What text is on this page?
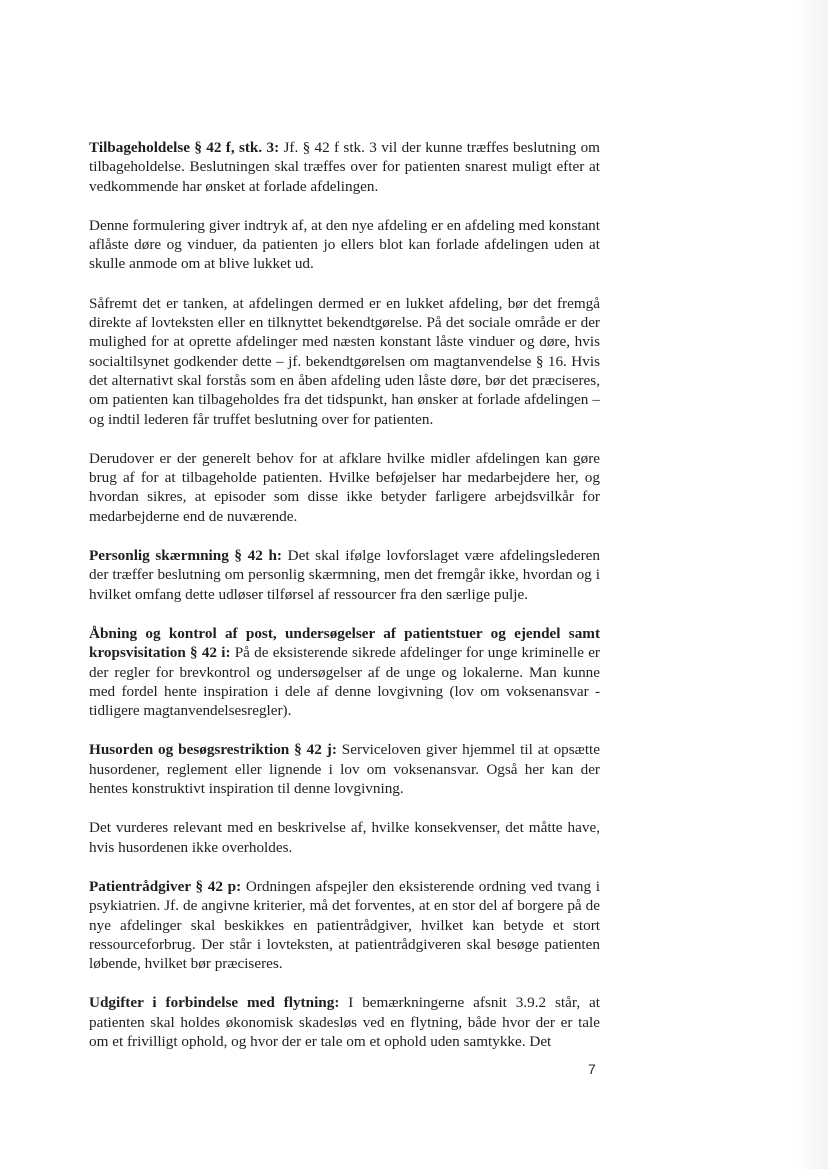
Tilbageholdelse § 42 f, stk. 3: Jf. § 42 f stk. 3 vil der kunne træffes beslutning om tilbageholdelse. Beslutningen skal træffes over for patienten snarest muligt efter at vedkommende har ønsket at forlade afdelingen.

Denne formulering giver indtryk af, at den nye afdeling er en afdeling med konstant aflåste døre og vinduer, da patienten jo ellers blot kan forlade afdelingen uden at skulle anmode om at blive lukket ud.

Såfremt det er tanken, at afdelingen dermed er en lukket afdeling, bør det fremgå direkte af lovteksten eller en tilknyttet bekendtgørelse. På det sociale område er der mulighed for at oprette afdelinger med næsten konstant låste vinduer og døre, hvis socialtilsynet godkender dette – jf. bekendtgørelsen om magtanvendelse § 16. Hvis det alternativt skal forstås som en åben afdeling uden låste døre, bør det præciseres, om patienten kan tilbageholdes fra det tidspunkt, han ønsker at forlade afdelingen – og indtil lederen får truffet beslutning over for patienten.

Derudover er der generelt behov for at afklare hvilke midler afdelingen kan gøre brug af for at tilbageholde patienten. Hvilke beføjelser har medarbejdere her, og hvordan sikres, at episoder som disse ikke betyder farligere arbejdsvilkår for medarbejderne end de nuværende.

Personlig skærmning § 42 h: Det skal ifølge lovforslaget være afdelingslederen der træffer beslutning om personlig skærmning, men det fremgår ikke, hvordan og i hvilket omfang dette udløser tilførsel af ressourcer fra den særlige pulje.

Åbning og kontrol af post, undersøgelser af patientstuer og ejendel samt kropsvisitation § 42 i: På de eksisterende sikrede afdelinger for unge kriminelle er der regler for brevkontrol og undersøgelser af de unge og lokalerne. Man kunne med fordel hente inspiration i dele af denne lovgivning (lov om voksenansvar - tidligere magtanvendelsesregler).

Husorden og besøgsrestriktion § 42 j: Serviceloven giver hjemmel til at opsætte husordener, reglement eller lignende i lov om voksenansvar. Også her kan der hentes konstruktivt inspiration til denne lovgivning.

Det vurderes relevant med en beskrivelse af, hvilke konsekvenser, det måtte have, hvis husordenen ikke overholdes.

Patientrådgiver § 42 p: Ordningen afspejler den eksisterende ordning ved tvang i psykiatrien. Jf. de angivne kriterier, må det forventes, at en stor del af borgere på de nye afdelinger skal beskikkes en patientrådgiver, hvilket kan betyde et stort ressourceforbrug. Der står i lovteksten, at patientrådgiveren skal besøge patienten løbende, hvilket bør præciseres.

Udgifter i forbindelse med flytning: I bemærkningerne afsnit 3.9.2 står, at patienten skal holdes økonomisk skadesløs ved en flytning, både hvor der er tale om et frivilligt ophold, og hvor der er tale om et ophold uden samtykke. Det

7
